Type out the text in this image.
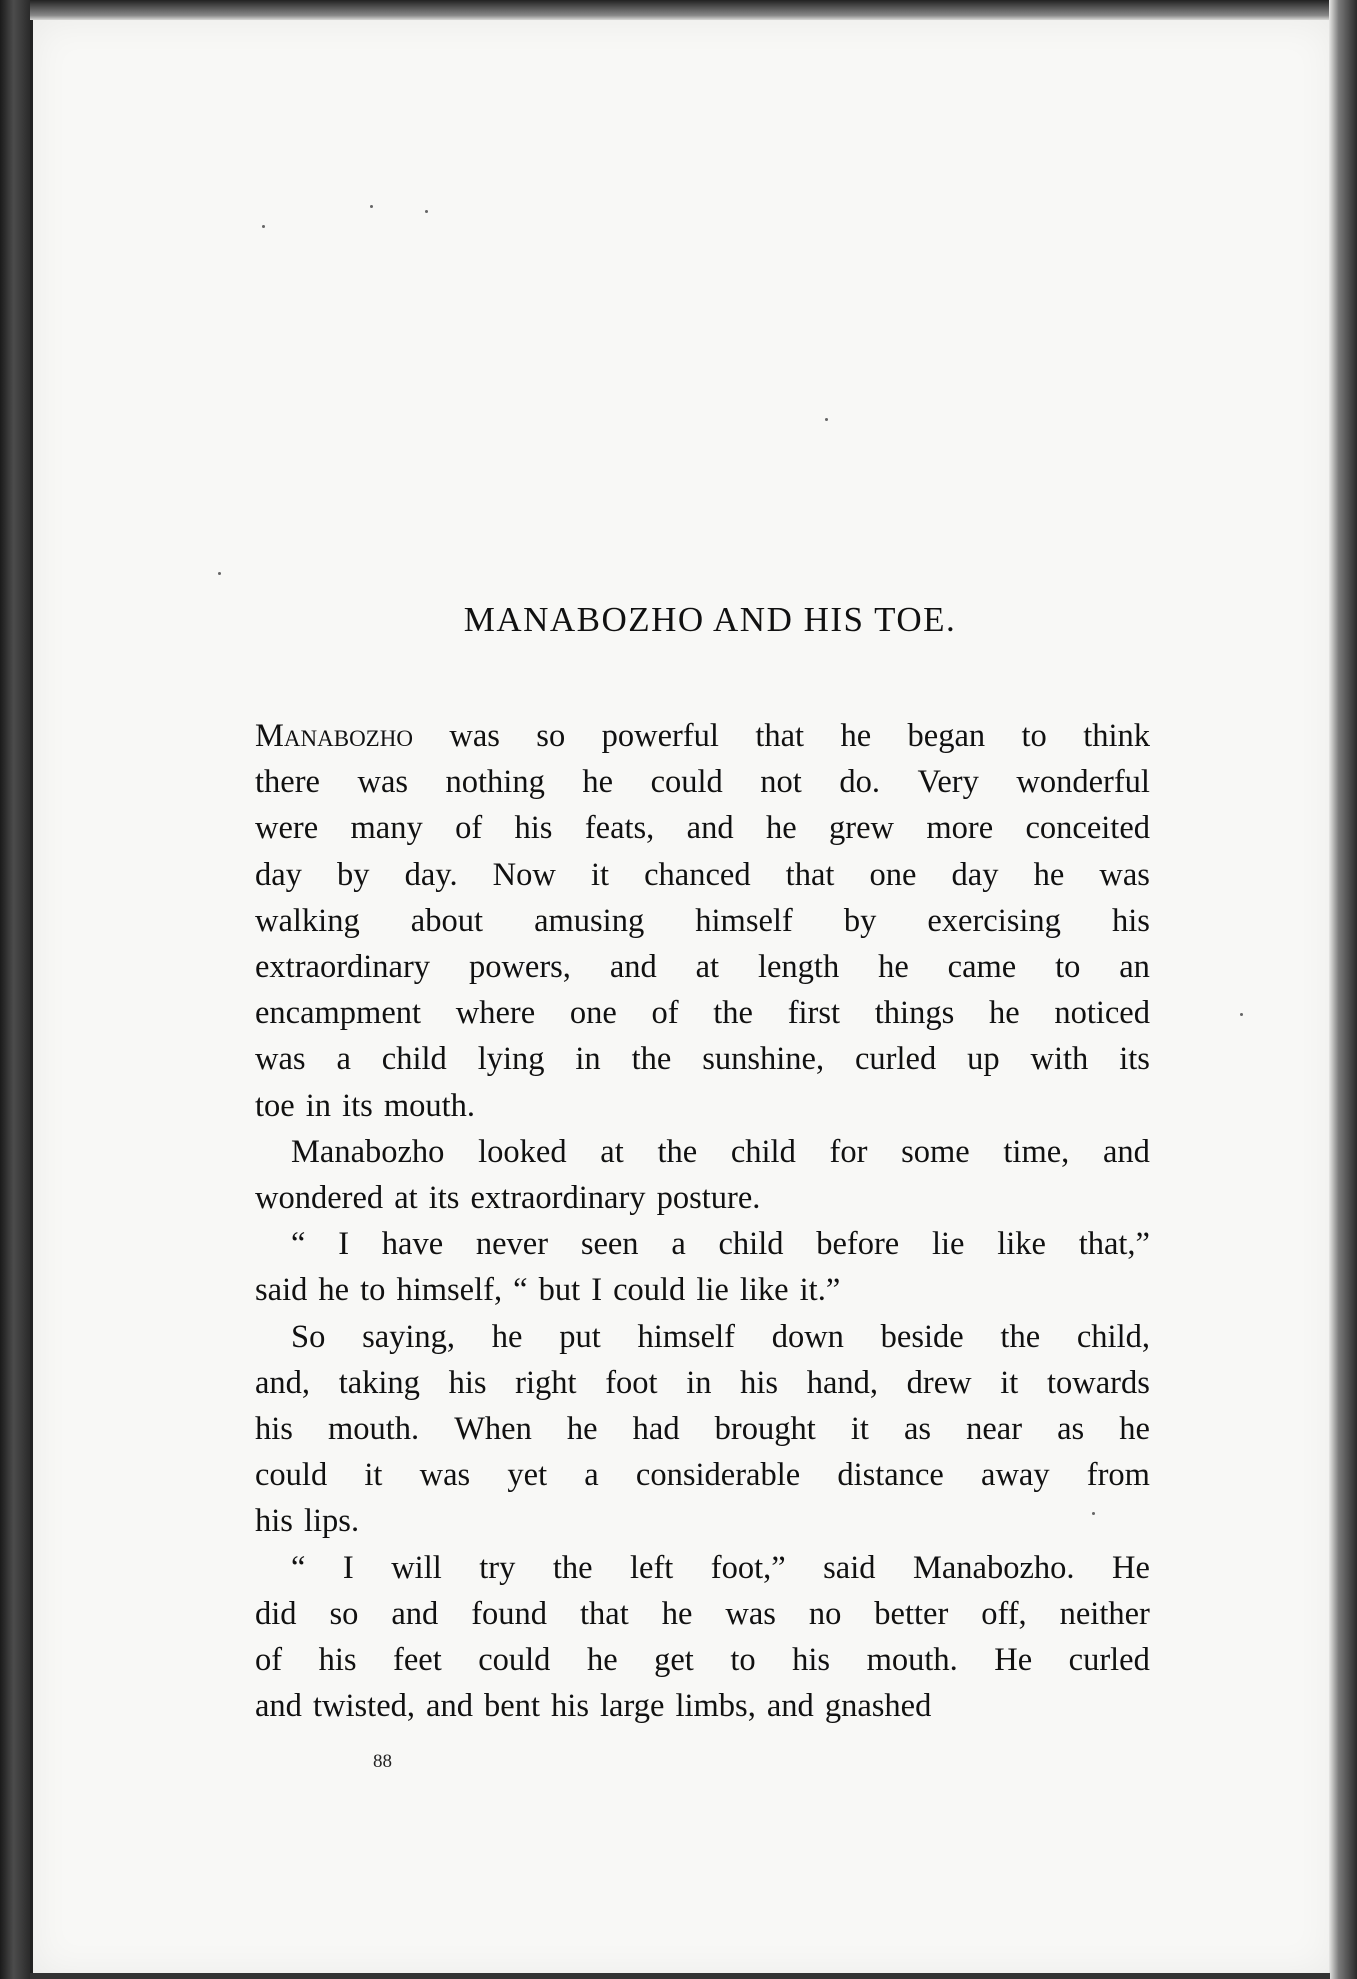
MANABOZHO AND HIS TOE.
Manabozho was so powerful that he began to think
there was nothing he could not do. Very wonderful
were many of his feats, and he grew more conceited
day by day. Now it chanced that one day he was
walking about amusing himself by exercising his
extraordinary powers, and at length he came to an
encampment where one of the first things he noticed
was a child lying in the sunshine, curled up with its
toe in its mouth.
Manabozho looked at the child for some time, and
wondered at its extraordinary posture.
“ I have never seen a child before lie like that,”
said he to himself, “ but I could lie like it.”
So saying, he put himself down beside the child,
and, taking his right foot in his hand, drew it towards
his mouth. When he had brought it as near as he
could it was yet a considerable distance away from
his lips.
“ I will try the left foot,” said Manabozho. He
did so and found that he was no better off, neither
of his feet could he get to his mouth. He curled
and twisted, and bent his large limbs, and gnashed
88
